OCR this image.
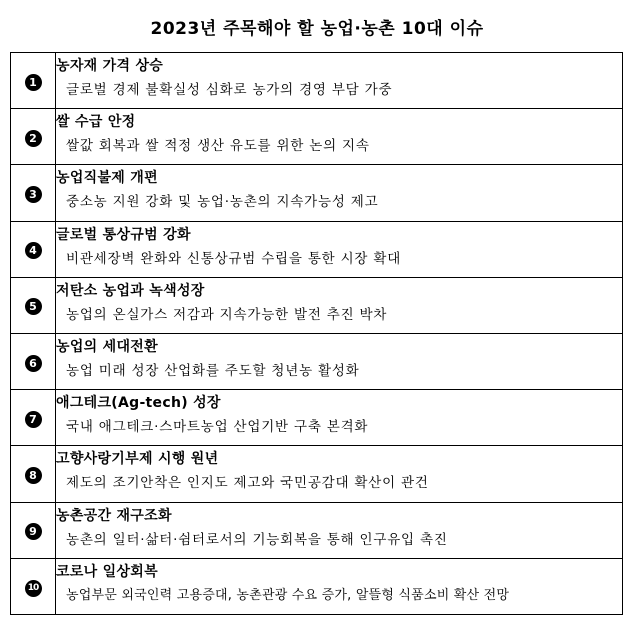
2023년 주목해야 할 농업·농촌 10대 이슈
1	농자재 가격 상승
글로벌 경제 불확실성 심화로 농가의 경영 부담 가중

2	쌀 수급 안정
쌀값 회복과 쌀 적정 생산 유도를 위한 논의 지속

3	농업직불제 개편
중소농 지원 강화 및 농업·농촌의 지속가능성 제고

4	글로벌 통상규범 강화
비관세장벽 완화와 신통상규범 수립을 통한 시장 확대

5	저탄소 농업과 녹색성장
농업의 온실가스 저감과 지속가능한 발전 추진 박차

6	농업의 세대전환
농업 미래 성장 산업화를 주도할 청년농 활성화

7	애그테크(Ag-tech) 성장
국내 애그테크·스마트농업 산업기반 구축 본격화

8	고향사랑기부제 시행 원년
제도의 조기안착은 인지도 제고와 국민공감대 확산이 관건

9	농촌공간 재구조화
농촌의 일터·삶터·쉼터로서의 기능회복을 통해 인구유입 촉진

10	코로나 일상회복
농업부문 외국인력 고용증대, 농촌관광 수요 증가, 알뜰형 식품소비 확산 전망
